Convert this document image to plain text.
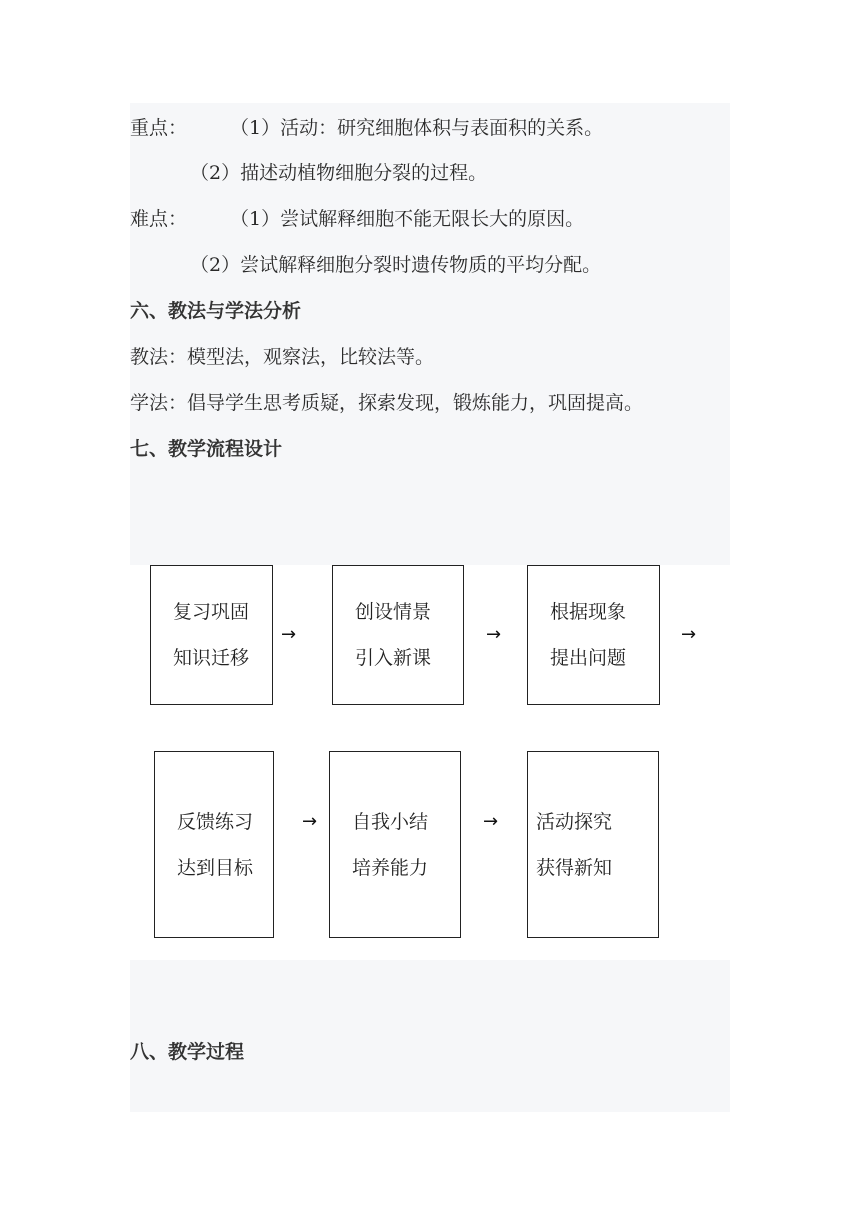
重点： （1）活动：研究细胞体积与表面积的关系。
（2）描述动植物细胞分裂的过程。
难点： （1）尝试解释细胞不能无限长大的原因。
（2）尝试解释细胞分裂时遗传物质的平均分配。
六、教法与学法分析
教法：模型法，观察法，比较法等。
学法：倡导学生思考质疑，探索发现，锻炼能力，巩固提高。
七、教学流程设计
复习巩固
知识迁移
→
创设情景
引入新课
→
根据现象
提出问题
→
反馈练习
达到目标
→ 自我小结
培养能力
→ 活动探究
获得新知
八、教学过程
